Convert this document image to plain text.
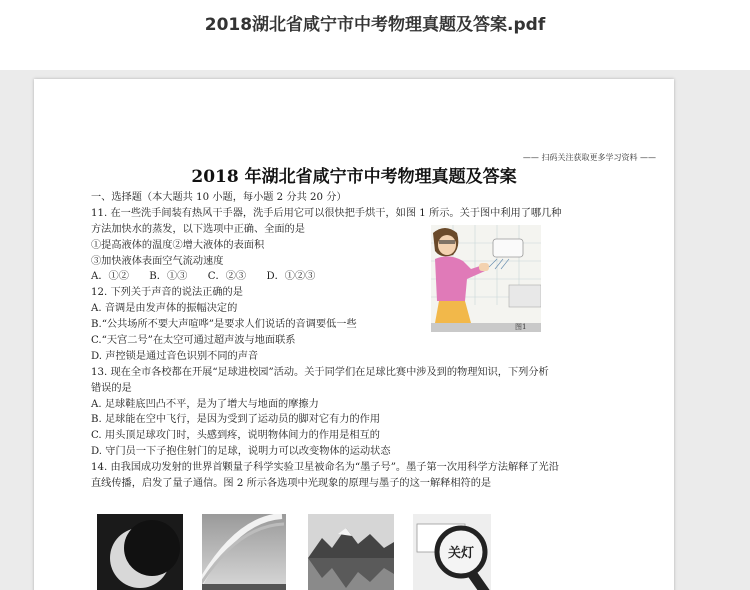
2018湖北省咸宁市中考物理真题及答案.pdf
—— 扫码关注获取更多学习资料 ——
2018 年湖北省咸宁市中考物理真题及答案
一、选择题（本大题共 10 小题，每小题 2 分共 20 分）
11. 在一些洗手间装有热风干手器，洗手后用它可以很快把手烘干，如图 1 所示。关于图中利用了哪几种
方法加快水的蒸发，以下选项中正确、全面的是
①提高液体的温度②增大液体的表面积
③加快液体表面空气流动速度
A．①②　　B．①③　　C．②③　　D．①②③
12. 下列关于声音的说法正确的是
A. 音调是由发声体的振幅决定的
B.“公共场所不要大声喧哗”是要求人们说话的音调要低一些
C.“天宫二号”在太空可通过超声波与地面联系
D. 声控锁是通过音色识别不同的声音
13. 现在全市各校都在开展“足球进校园”活动。关于同学们在足球比赛中涉及到的物理知识，下列分析
错误的是
A. 足球鞋底凹凸不平，是为了增大与地面的摩擦力
B. 足球能在空中飞行，是因为受到了运动员的脚对它有力的作用
C. 用头顶足球攻门时，头感到疼，说明物体间力的作用是相互的
D. 守门员一下子抱住射门的足球，说明力可以改变物体的运动状态
14. 由我国成功发射的世界首颗量子科学实验卫星被命名为“墨子号”。墨子第一次用科学方法解释了光沿
直线传播，启发了量子通信。图 2 所示各选项中光现象的原理与墨子的这一解释相符的是
图1
关灯
